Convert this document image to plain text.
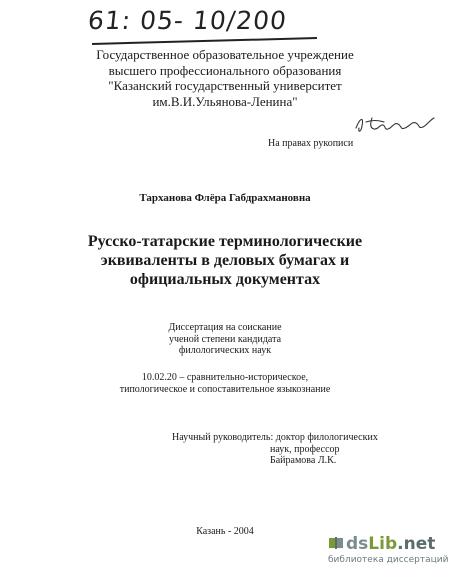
61: 05- 10/200
Государственное образовательное учреждение
высшего профессионального образования
"Казанский государственный университет
им.В.И.Ульянова-Ленина"
На правах рукописи
Тарханова Флёра Габдрахмановна
Русско-татарские терминологические
эквиваленты в деловых бумагах и
официальных документах
Диссертация на соискание
ученой степени кандидата
филологических наук
10.02.20 – сравнительно-историческое,
типологическое и сопоставительное языкознание
Научный руководитель: доктор филологических
наук, профессор
Байрамова Л.К.
Казань - 2004
dsLib.net
библиотека диссертаций
